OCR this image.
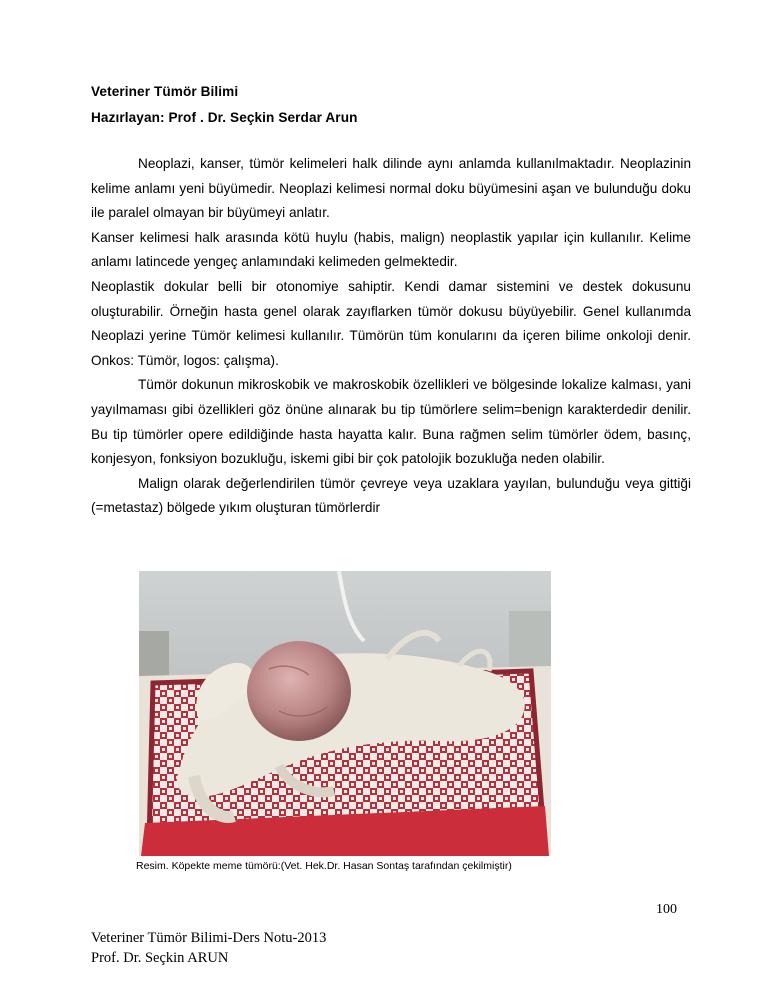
Veteriner Tümör Bilimi
Hazırlayan: Prof . Dr. Seçkin Serdar Arun

Neoplazi, kanser, tümör kelimeleri halk dilinde aynı anlamda kullanılmaktadır. Neoplazinin kelime anlamı yeni büyümedir. Neoplazi kelimesi normal doku büyümesini aşan ve bulunduğu doku ile paralel olmayan bir büyümeyi anlatır.

Kanser kelimesi halk arasında kötü huylu (habis, malign) neoplastik yapılar için kullanılır. Kelime anlamı latincede yengeç anlamındaki kelimeden gelmektedir.

Neoplastik dokular belli bir otonomiye sahiptir. Kendi damar sistemini ve destek dokusunu oluşturabilir. Örneğin hasta genel olarak zayıflarken tümör dokusu büyüyebilir. Genel kullanımda Neoplazi yerine Tümör kelimesi kullanılır. Tümörün tüm konularını da içeren bilime onkoloji denir. Onkos: Tümör, logos: çalışma).

Tümör dokunun mikroskobik ve makroskobik özellikleri ve bölgesinde lokalize kalması, yani yayılmaması gibi özellikleri göz önüne alınarak bu tip tümörlere selim=benign karakterdedir denilir. Bu tip tümörler opere edildiğinde hasta hayatta kalır. Buna rağmen selim tümörler ödem, basınç, konjesyon, fonksiyon bozukluğu, iskemi gibi bir çok patolojik bozukluğa neden olabilir.

Malign olarak değerlendirilen tümör çevreye veya uzaklara yayılan, bulunduğu veya gittiği (=metastaz) bölgede yıkım oluşturan tümörlerdir

Resim. Köpekte meme tümörü:(Vet. Hek.Dr. Hasan Sontaş tarafından çekilmiştir)
100
Veteriner Tümör Bilimi-Ders Notu-2013
Prof. Dr. Seçkin ARUN
